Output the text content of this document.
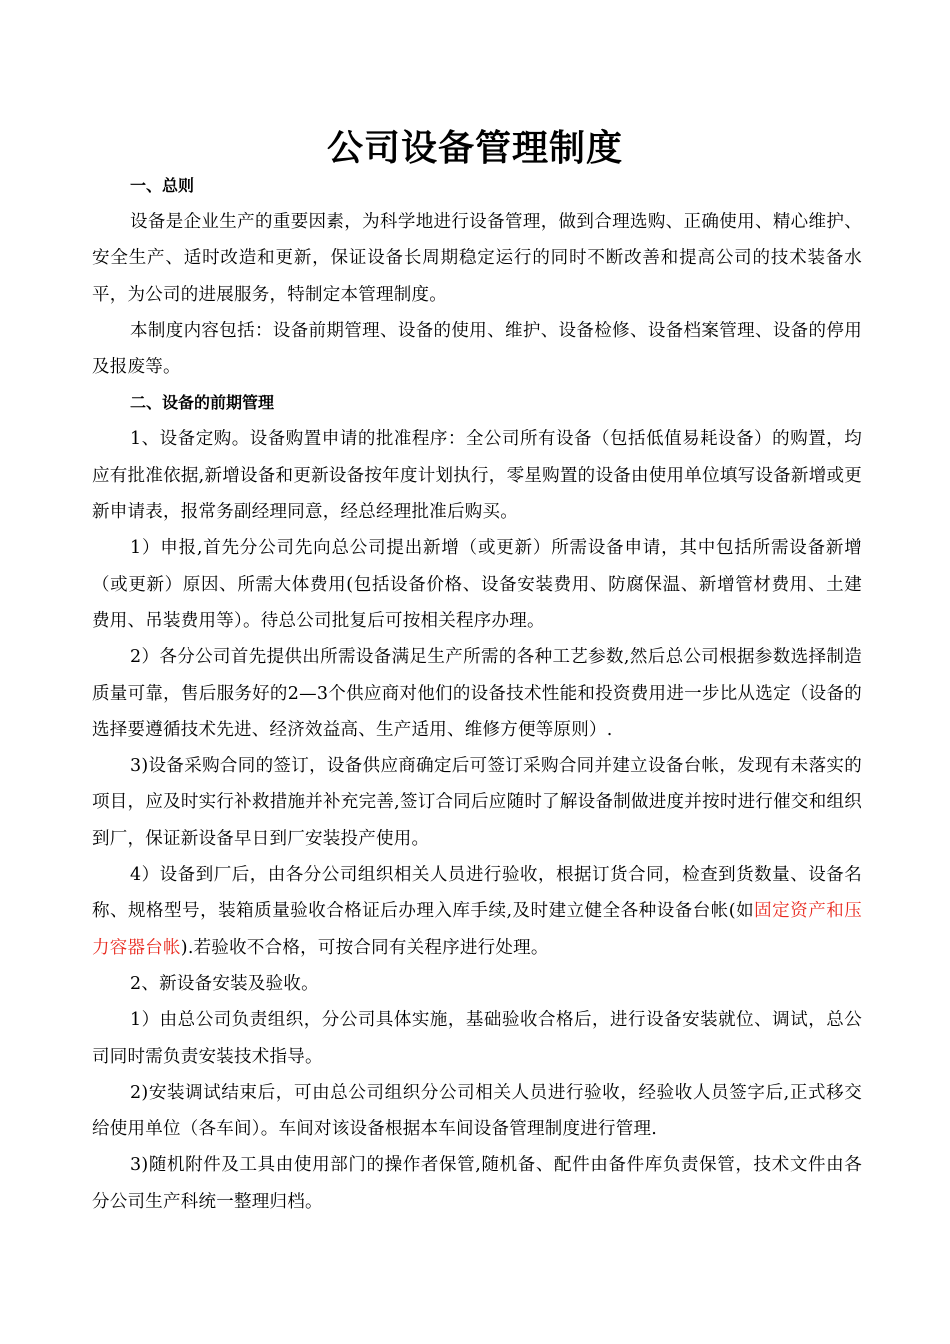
公司设备管理制度
一、总则

设备是企业生产的重要因素，为科学地进行设备管理，做到合理选购、正确使用、精心维护、安全生产、适时改造和更新，保证设备长周期稳定运行的同时不断改善和提高公司的技术装备水平，为公司的进展服务，特制定本管理制度。

本制度内容包括：设备前期管理、设备的使用、维护、设备检修、设备档案管理、设备的停用及报废等。

二、设备的前期管理

1、设备定购。设备购置申请的批准程序：全公司所有设备（包括低值易耗设备）的购置，均应有批准依据,新增设备和更新设备按年度计划执行，零星购置的设备由使用单位填写设备新增或更新申请表，报常务副经理同意，经总经理批准后购买。

1）申报,首先分公司先向总公司提出新增（或更新）所需设备申请，其中包括所需设备新增（或更新）原因、所需大体费用(包括设备价格、设备安装费用、防腐保温、新增管材费用、土建费用、吊装费用等）。待总公司批复后可按相关程序办理。

2）各分公司首先提供出所需设备满足生产所需的各种工艺参数,然后总公司根据参数选择制造质量可靠，售后服务好的2—3个供应商对他们的设备技术性能和投资费用进一步比从选定（设备的选择要遵循技术先进、经济效益高、生产适用、维修方便等原则）.

3)设备采购合同的签订，设备供应商确定后可签订采购合同并建立设备台帐，发现有未落实的项目，应及时实行补救措施并补充完善,签订合同后应随时了解设备制做进度并按时进行催交和组织到厂，保证新设备早日到厂安装投产使用。

4）设备到厂后，由各分公司组织相关人员进行验收，根据订货合同，检查到货数量、设备名称、规格型号，装箱质量验收合格证后办理入库手续,及时建立健全各种设备台帐(如固定资产和压力容器台帐).若验收不合格，可按合同有关程序进行处理。

2、新设备安装及验收。

1）由总公司负责组织，分公司具体实施，基础验收合格后，进行设备安装就位、调试，总公司同时需负责安装技术指导。

2)安装调试结束后，可由总公司组织分公司相关人员进行验收，经验收人员签字后,正式移交给使用单位（各车间）。车间对该设备根据本车间设备管理制度进行管理.

3)随机附件及工具由使用部门的操作者保管,随机备、配件由备件库负责保管，技术文件由各分公司生产科统一整理归档。
